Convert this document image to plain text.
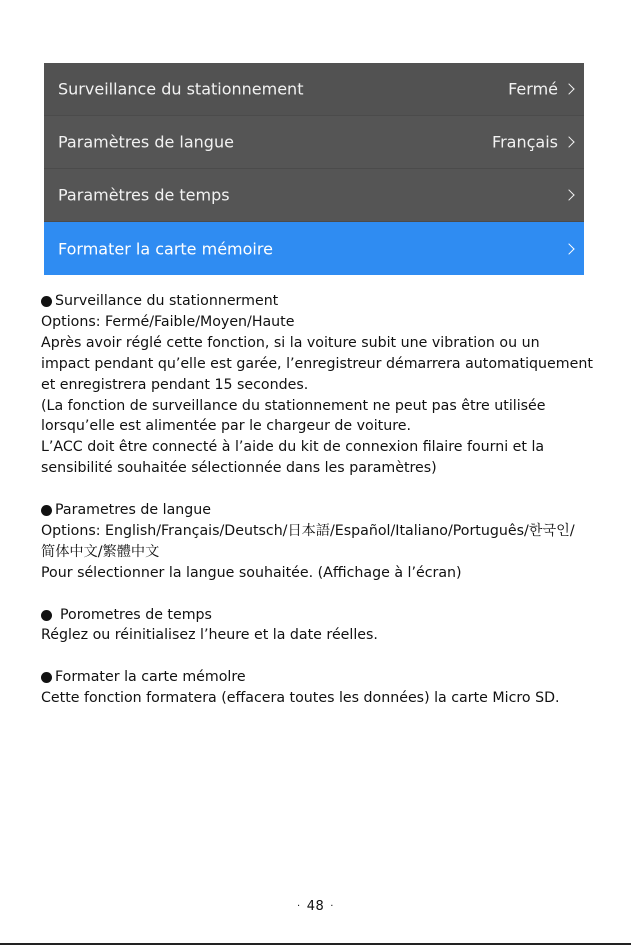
Surveillance du stationnement	Fermé
Paramètres de langue	Français
Paramètres de temps
Formater la carte mémoire
Surveillance du stationnerment
Options: Fermé/Faible/Moyen/Haute
Après avoir réglé cette fonction, si la voiture subit une vibration ou un
impact pendant qu’elle est garée, l’enregistreur démarrera automatiquement
et enregistrera pendant 15 secondes.
(La fonction de surveillance du stationnement ne peut pas être utilisée
lorsqu’elle est alimentée par le chargeur de voiture.
L’ACC doit être connecté à l’aide du kit de connexion filaire fourni et la
sensibilité souhaitée sélectionnée dans les paramètres)
Parametres de langue
Options: English/Français/Deutsch/日本語/Español/Italiano/Português/한국인/
简体中文/繁體中文
Pour sélectionner la langue souhaitée. (Affichage à l’écran)
Porometres de temps
Réglez ou réinitialisez l’heure et la date réelles.
Formater la carte mémolre
Cette fonction formatera (effacera toutes les données) la carte Micro SD.
· 48 ·
